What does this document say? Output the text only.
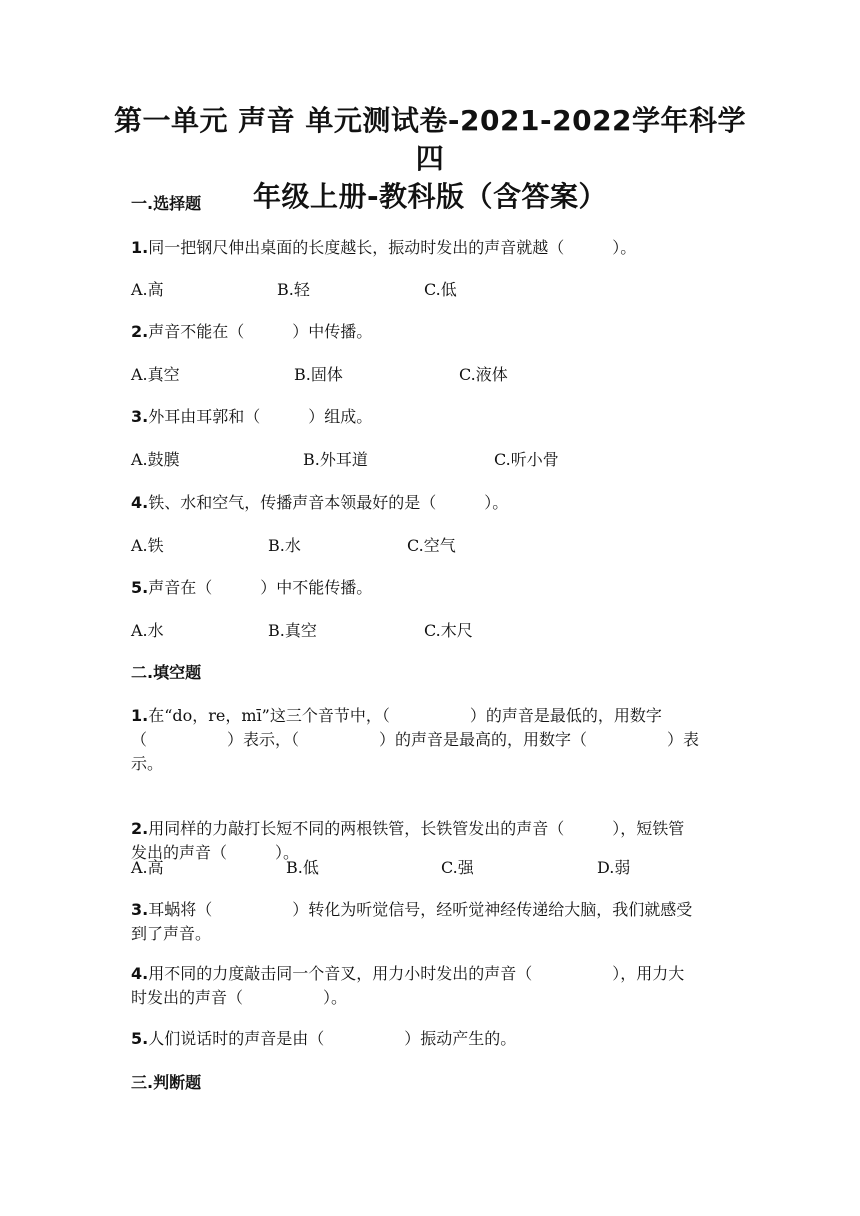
第一单元 声音 单元测试卷-2021-2022学年科学四
年级上册-教科版（含答案）
一.选择题
1.同一把钢尺伸出桌面的长度越长，振动时发出的声音就越（　　　）。
A.高	B.轻	C.低
2.声音不能在（　　　）中传播。
A.真空	B.固体	C.液体
3.外耳由耳郭和（　　　）组成。
A.鼓膜	B.外耳道	C.听小骨
4.铁、水和空气，传播声音本领最好的是（　　　）。
A.铁	B.水	C.空气
5.声音在（　　　）中不能传播。
A.水	B.真空	C.木尺
二.填空题
1.在“do，re，mī”这三个音节中，（　　　　　）的声音是最低的，用数字
（　　　　　）表示，（　　　　　）的声音是最高的，用数字（　　　　　）表
示。
2.用同样的力敲打长短不同的两根铁管，长铁管发出的声音（　　　），短铁管
发出的声音（　　　）。
A.高	B.低	C.强	D.弱
3.耳蜗将（　　　　　）转化为听觉信号，经听觉神经传递给大脑，我们就感受
到了声音。
4.用不同的力度敲击同一个音叉，用力小时发出的声音（　　　　　），用力大
时发出的声音（　　　　　）。
5.人们说话时的声音是由（　　　　　）振动产生的。
三.判断题
